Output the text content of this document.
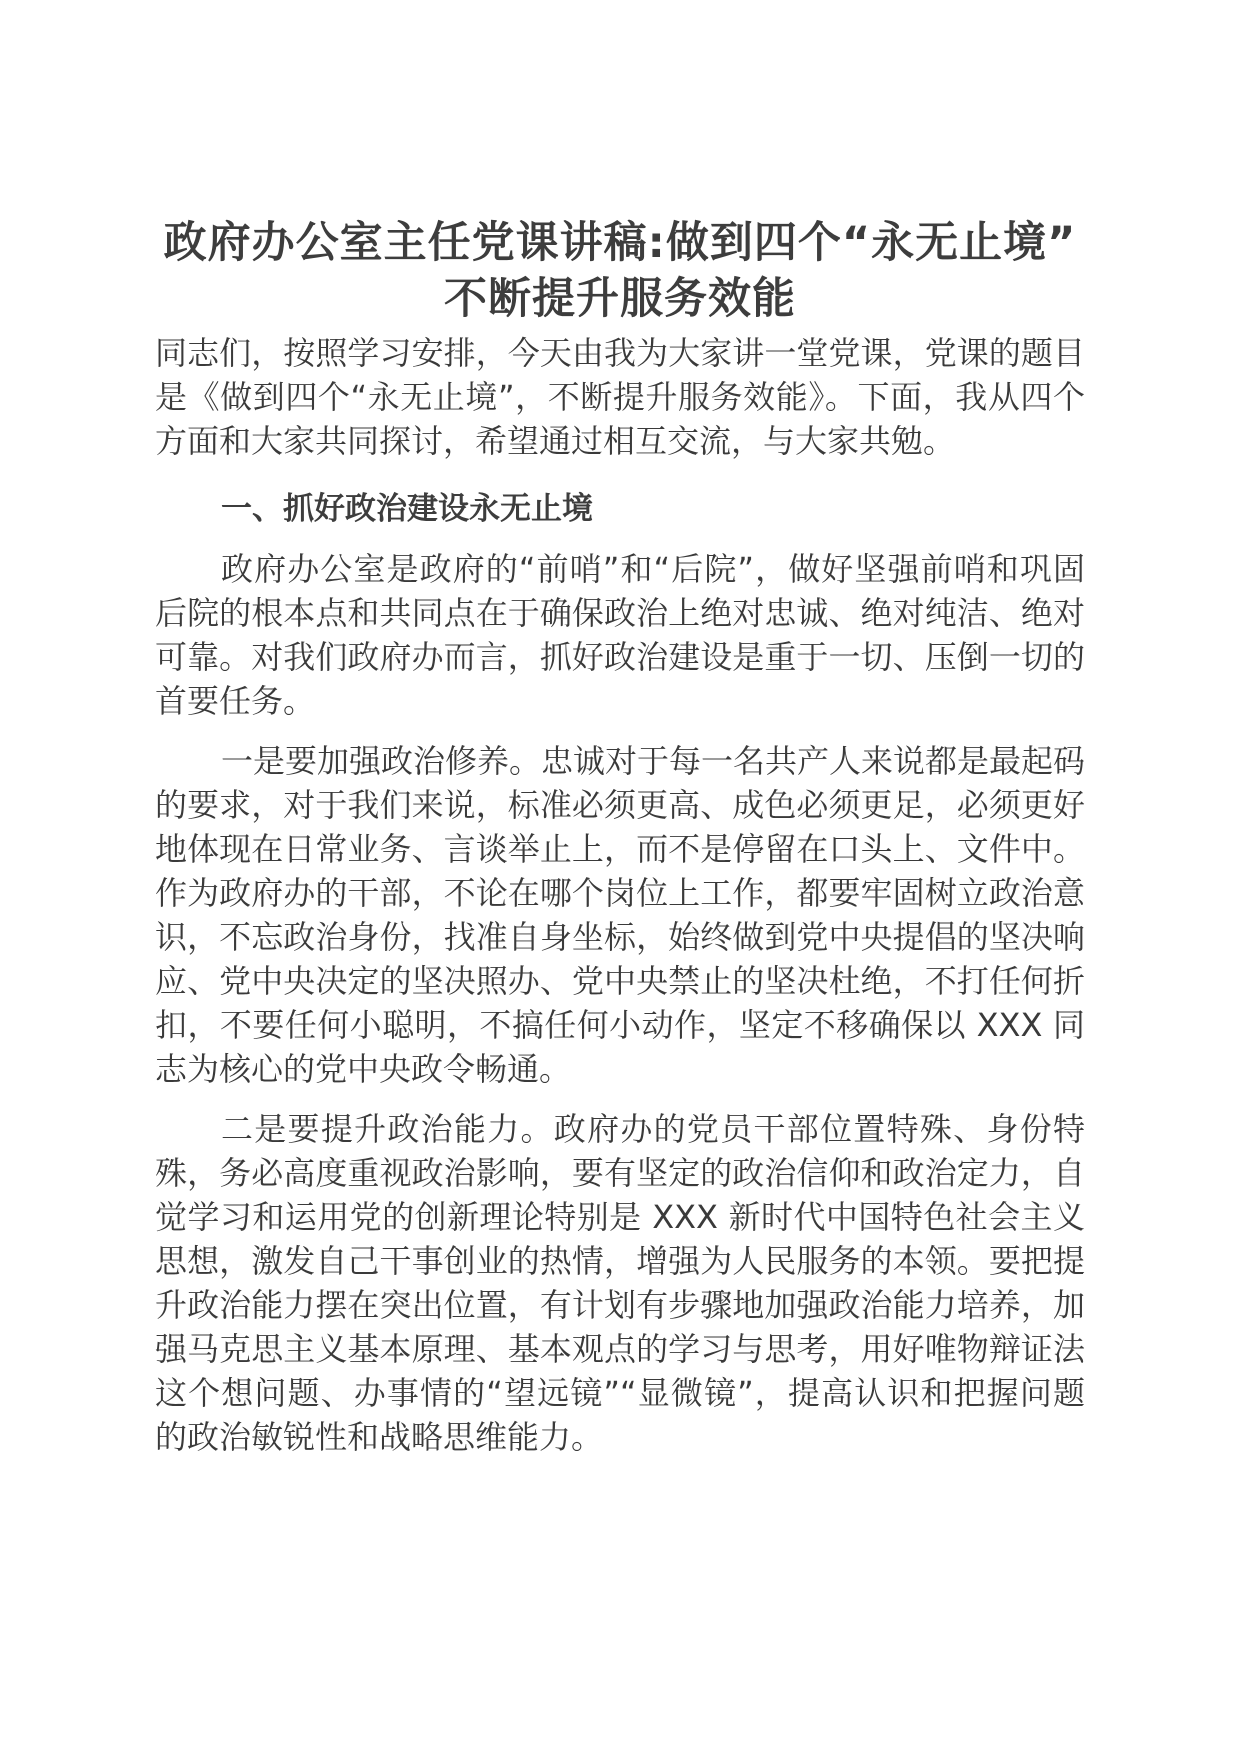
政府办公室主任党课讲稿:做到四个“永无止境” 不断提升服务效能

同志们，按照学习安排，今天由我为大家讲一堂党课，党课的题目是《做到四个“永无止境”，不断提升服务效能》。下面，我从四个方面和大家共同探讨，希望通过相互交流，与大家共勉。

一、抓好政治建设永无止境

政府办公室是政府的“前哨”和“后院”，做好坚强前哨和巩固后院的根本点和共同点在于确保政治上绝对忠诚、绝对纯洁、绝对可靠。对我们政府办而言，抓好政治建设是重于一切、压倒一切的首要任务。

一是要加强政治修养。忠诚对于每一名共产人来说都是最起码的要求，对于我们来说，标准必须更高、成色必须更足，必须更好地体现在日常业务、言谈举止上，而不是停留在口头上、文件中。作为政府办的干部，不论在哪个岗位上工作，都要牢固树立政治意识，不忘政治身份，找准自身坐标，始终做到党中央提倡的坚决响应、党中央决定的坚决照办、党中央禁止的坚决杜绝，不打任何折扣，不要任何小聪明，不搞任何小动作，坚定不移确保以 XXX 同志为核心的党中央政令畅通。

二是要提升政治能力。政府办的党员干部位置特殊、身份特殊，务必高度重视政治影响，要有坚定的政治信仰和政治定力，自觉学习和运用党的创新理论特别是 XXX 新时代中国特色社会主义思想，激发自己干事创业的热情，增强为人民服务的本领。要把提升政治能力摆在突出位置，有计划有步骤地加强政治能力培养，加强马克思主义基本原理、基本观点的学习与思考，用好唯物辩证法这个想问题、办事情的“望远镜”“显微镜”，提高认识和把握问题的政治敏锐性和战略思维能力。
